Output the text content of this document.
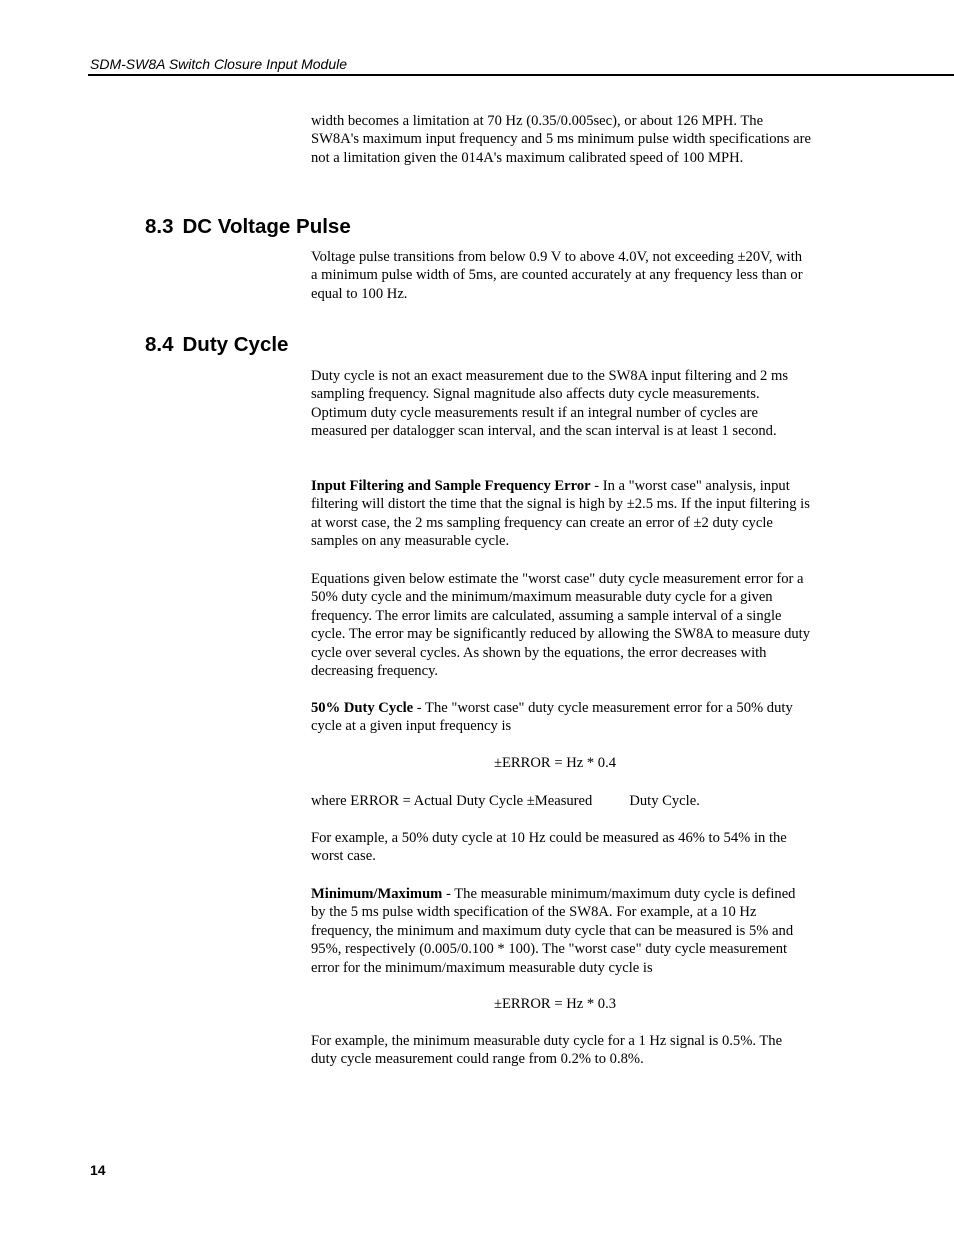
SDM-SW8A Switch Closure Input Module

width becomes a limitation at 70 Hz (0.35/0.005sec), or about 126 MPH. The SW8A's maximum input frequency and 5 ms minimum pulse width specifications are not a limitation given the 014A's maximum calibrated speed of 100 MPH.

8.3 DC Voltage Pulse

Voltage pulse transitions from below 0.9 V to above 4.0V, not exceeding ±20V, with a minimum pulse width of 5ms, are counted accurately at any frequency less than or equal to 100 Hz.

8.4 Duty Cycle

Duty cycle is not an exact measurement due to the SW8A input filtering and 2 ms sampling frequency. Signal magnitude also affects duty cycle measurements. Optimum duty cycle measurements result if an integral number of cycles are measured per datalogger scan interval, and the scan interval is at least 1 second.

Input Filtering and Sample Frequency Error - In a "worst case" analysis, input filtering will distort the time that the signal is high by ±2.5 ms. If the input filtering is at worst case, the 2 ms sampling frequency can create an error of ±2 duty cycle samples on any measurable cycle.

Equations given below estimate the "worst case" duty cycle measurement error for a 50% duty cycle and the minimum/maximum measurable duty cycle for a given frequency. The error limits are calculated, assuming a sample interval of a single cycle. The error may be significantly reduced by allowing the SW8A to measure duty cycle over several cycles. As shown by the equations, the error decreases with decreasing frequency.

50% Duty Cycle - The "worst case" duty cycle measurement error for a 50% duty cycle at a given input frequency is

±ERROR = Hz * 0.4
where ERROR = Actual Duty Cycle ±Measured	Duty Cycle.

For example, a 50% duty cycle at 10 Hz could be measured as 46% to 54% in the worst case.

Minimum/Maximum - The measurable minimum/maximum duty cycle is defined by the 5 ms pulse width specification of the SW8A. For example, at a 10 Hz frequency, the minimum and maximum duty cycle that can be measured is 5% and 95%, respectively (0.005/0.100 * 100). The "worst case" duty cycle measurement error for the minimum/maximum measurable duty cycle is

±ERROR = Hz * 0.3

For example, the minimum measurable duty cycle for a 1 Hz signal is 0.5%. The duty cycle measurement could range from 0.2% to 0.8%.

14
